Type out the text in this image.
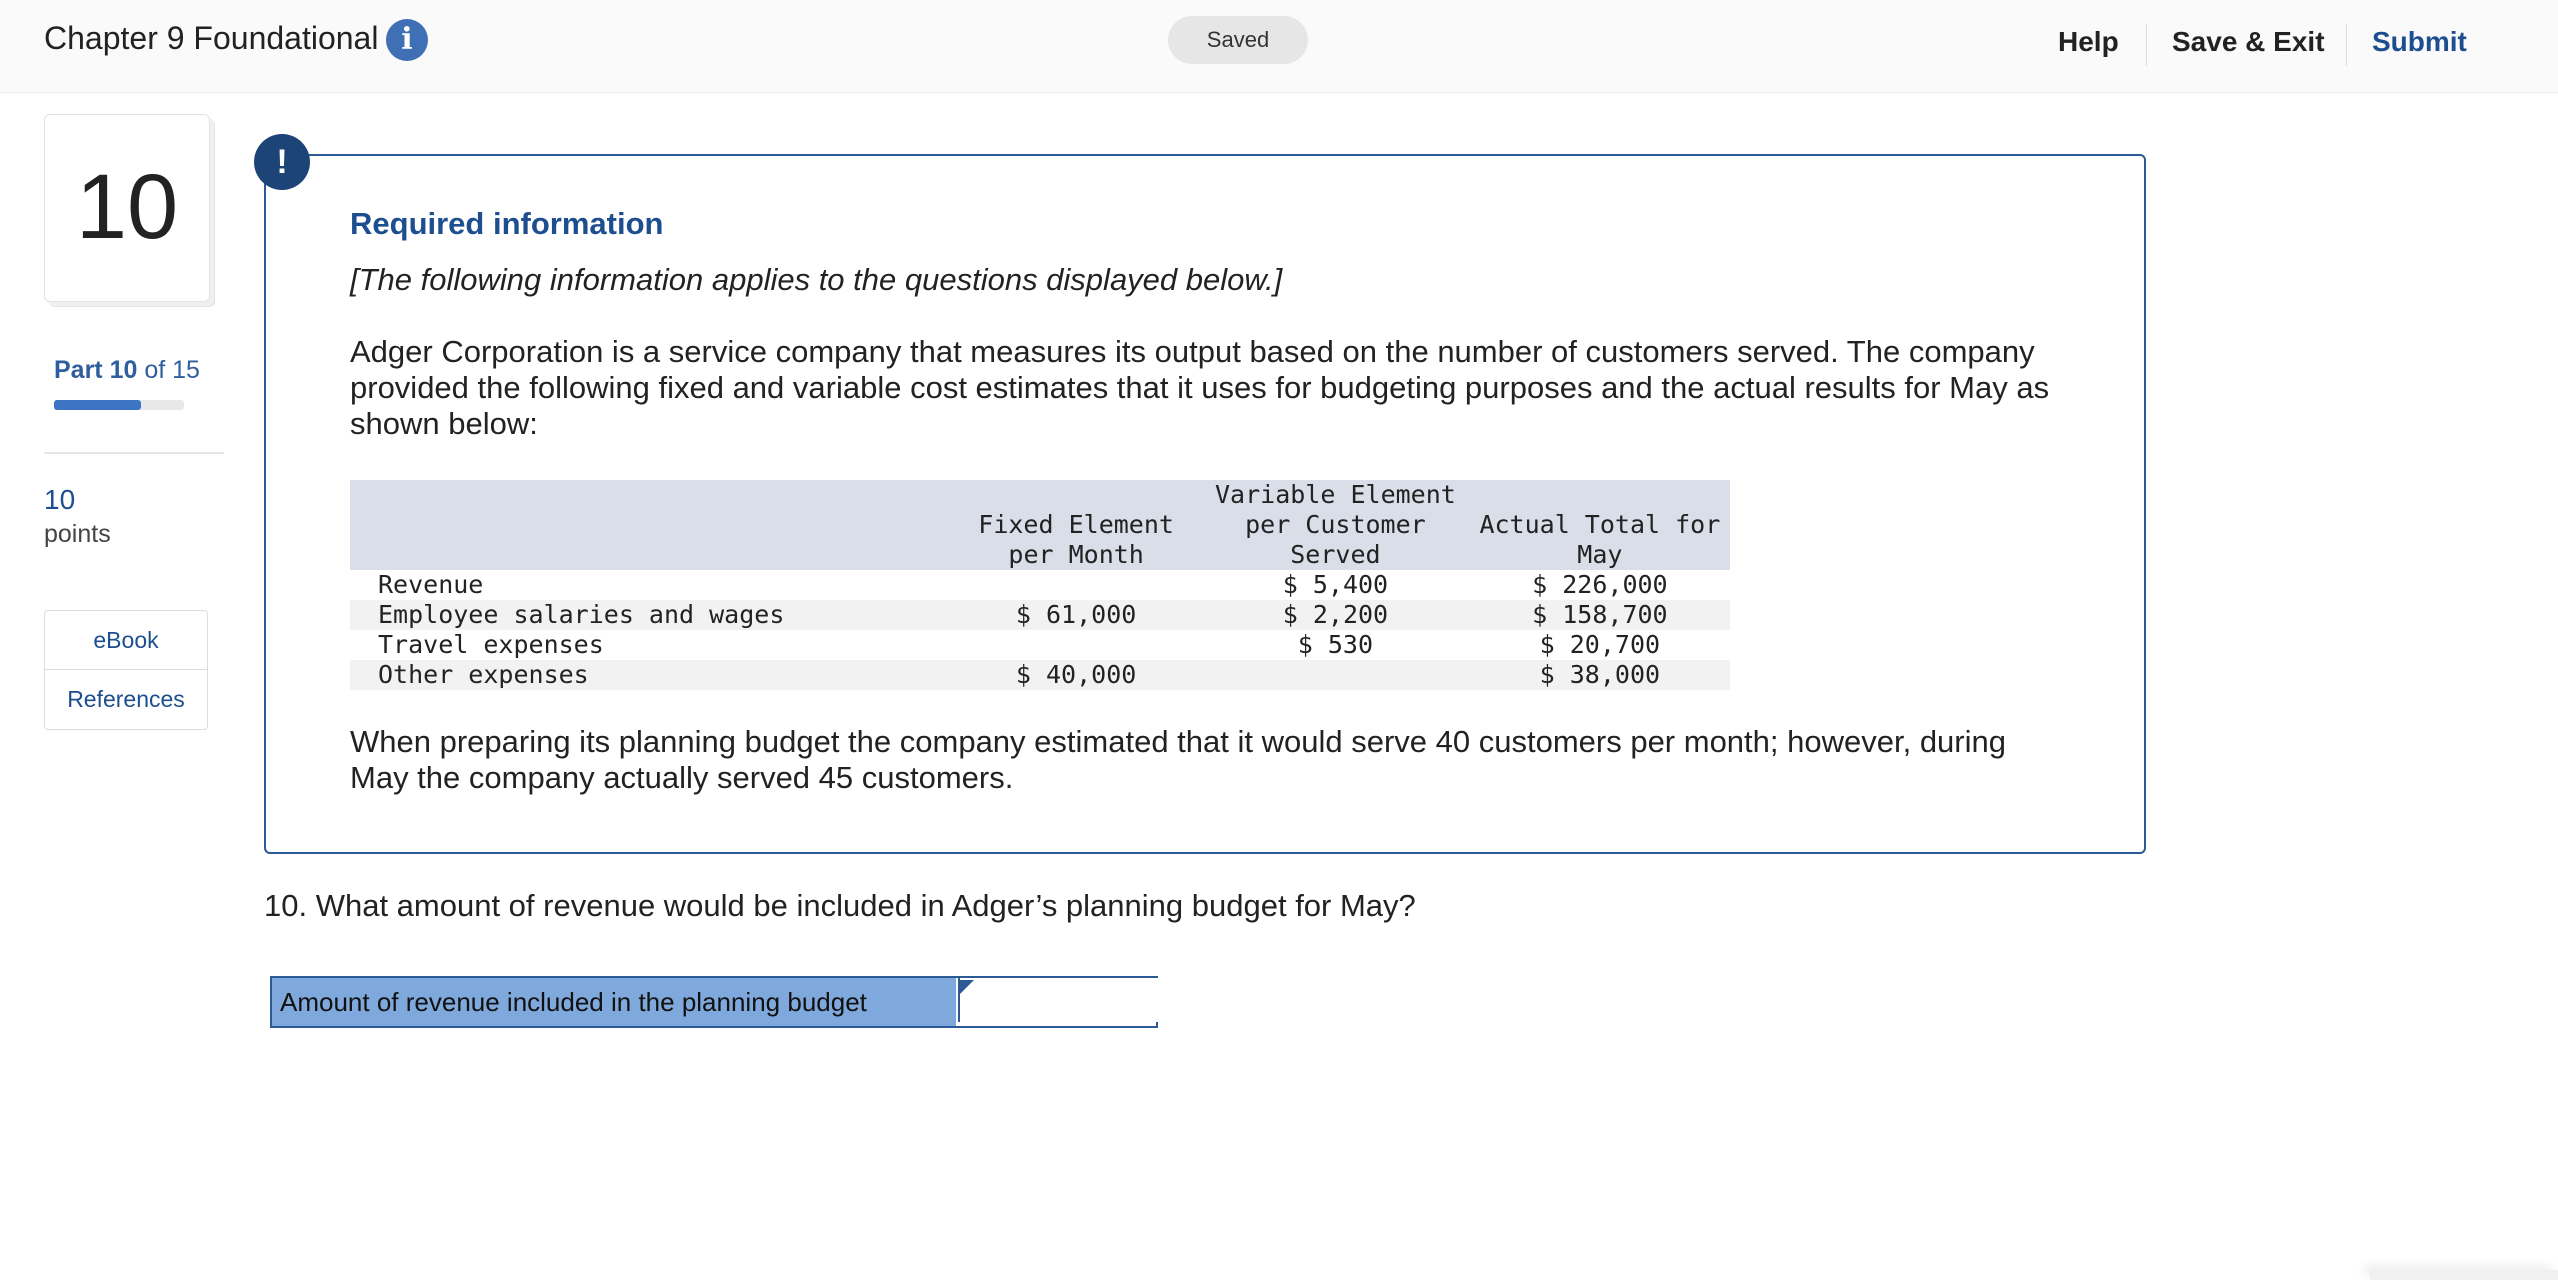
Chapter 9 Foundational i	Saved	Help Save & Exit Submit
10
Part 10 of 15
10
points
eBook
References
Required information
[The following information applies to the questions displayed below.]
Adger Corporation is a service company that measures its output based on the number of customers served. The company provided the following fixed and variable cost estimates that it uses for budgeting purposes and the actual results for May as shown below:
	Fixed Element per Month	Variable Element per Customer Served	Actual Total for May
Revenue		$ 5,400	$ 226,000
Employee salaries and wages	$ 61,000	$ 2,200	$ 158,700
Travel expenses		$ 530	$ 20,700
Other expenses	$ 40,000		$ 38,000
When preparing its planning budget the company estimated that it would serve 40 customers per month; however, during May the company actually served 45 customers.
!
10. What amount of revenue would be included in Adger’s planning budget for May?
Amount of revenue included in the planning budget
